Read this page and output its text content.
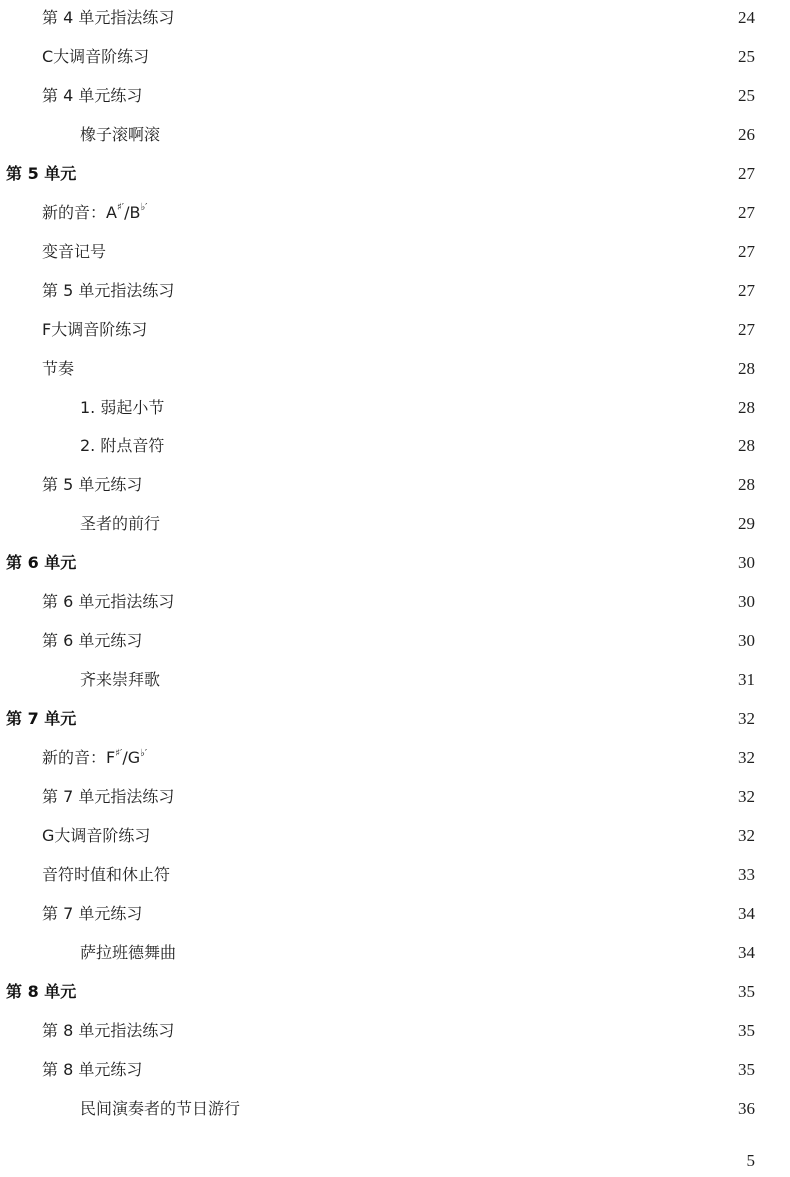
第 4 单元指法练习	24
C大调音阶练习	25
第 4 单元练习	25
橡子滚啊滚	26
第 5 单元	27
新的音：A♯′/B♭′	27
变音记号	27
第 5 单元指法练习	27
F大调音阶练习	27
节奏	28
1. 弱起小节	28
2. 附点音符	28
第 5 单元练习	28
圣者的前行	29
第 6 单元	30
第 6 单元指法练习	30
第 6 单元练习	30
齐来崇拜歌	31
第 7 单元	32
新的音：F♯′/G♭′	32
第 7 单元指法练习	32
G大调音阶练习	32
音符时值和休止符	33
第 7 单元练习	34
萨拉班德舞曲	34
第 8 单元	35
第 8 单元指法练习	35
第 8 单元练习	35
民间演奏者的节日游行	36
5
